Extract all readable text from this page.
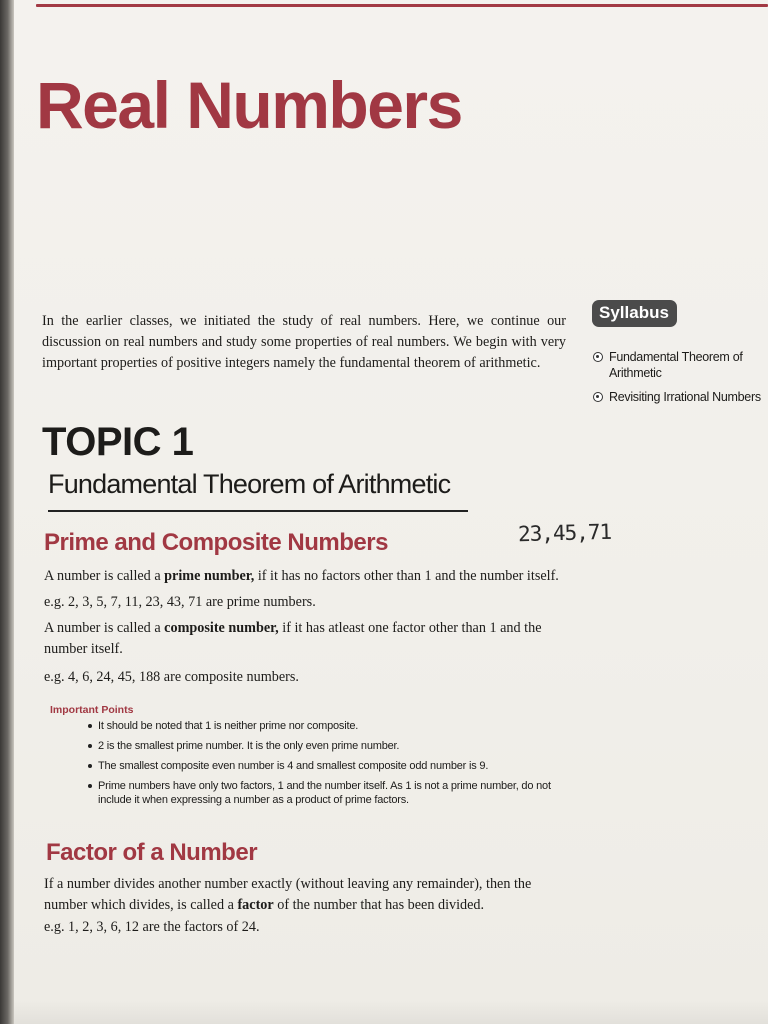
Real Numbers

In the earlier classes, we initiated the study of real numbers. Here, we continue our discussion on real numbers and study some properties of real numbers. We begin with very important properties of positive integers namely the fundamental theorem of arithmetic.

Syllabus
Fundamental Theorem of Arithmetic
Revisiting Irrational Numbers
TOPIC 1
Fundamental Theorem of Arithmetic
Prime and Composite Numbers	23,45,71

A number is called a prime number, if it has no factors other than 1 and the number itself.

e.g. 2, 3, 5, 7, 11, 23, 43, 71 are prime numbers.

A number is called a composite number, if it has atleast one factor other than 1 and the number itself.

e.g. 4, 6, 24, 45, 188 are composite numbers.

Important Points
It should be noted that 1 is neither prime nor composite.
2 is the smallest prime number. It is the only even prime number.
The smallest composite even number is 4 and smallest composite odd number is 9.
Prime numbers have only two factors, 1 and the number itself. As 1 is not a prime number, do not include it when expressing a number as a product of prime factors.
Factor of a Number

If a number divides another number exactly (without leaving any remainder), then the number which divides, is called a factor of the number that has been divided.

e.g. 1, 2, 3, 6, 12 are the factors of 24.
